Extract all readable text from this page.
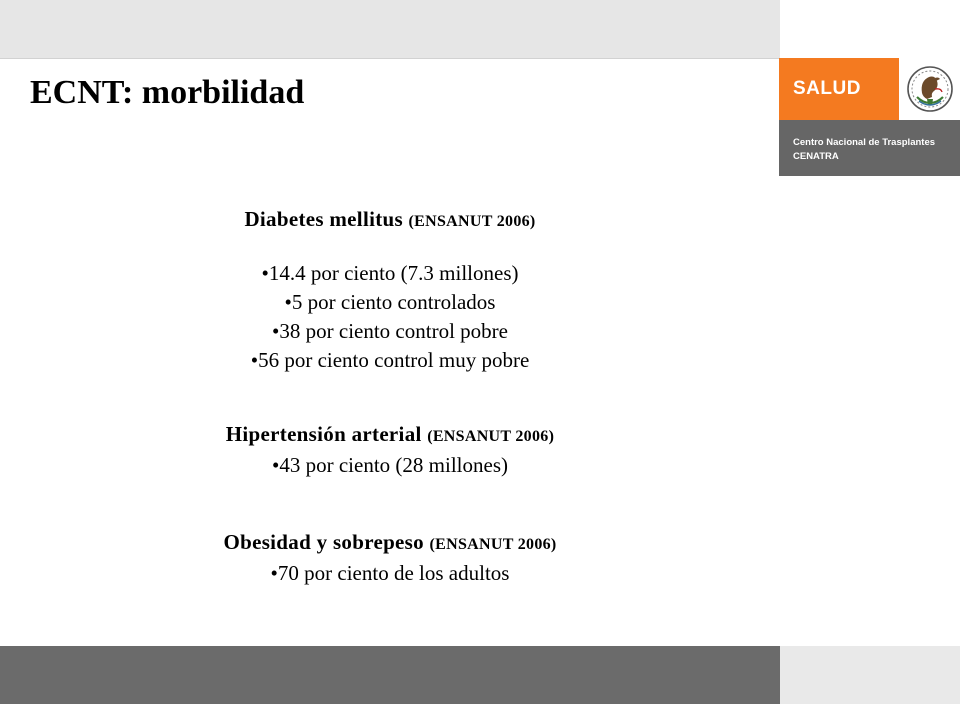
ECNT: morbilidad	SALUD
Centro Nacional de Trasplantes
CENATRA

Diabetes mellitus (ENSANUT 2006)

• 14.4 por ciento (7.3 millones)
• 5 por ciento controlados
• 38 por ciento control pobre
• 56 por ciento control muy pobre

Hipertensión arterial (ENSANUT 2006)

• 43 por ciento (28 millones)

Obesidad y sobrepeso (ENSANUT 2006)

• 70 por ciento de los adultos
